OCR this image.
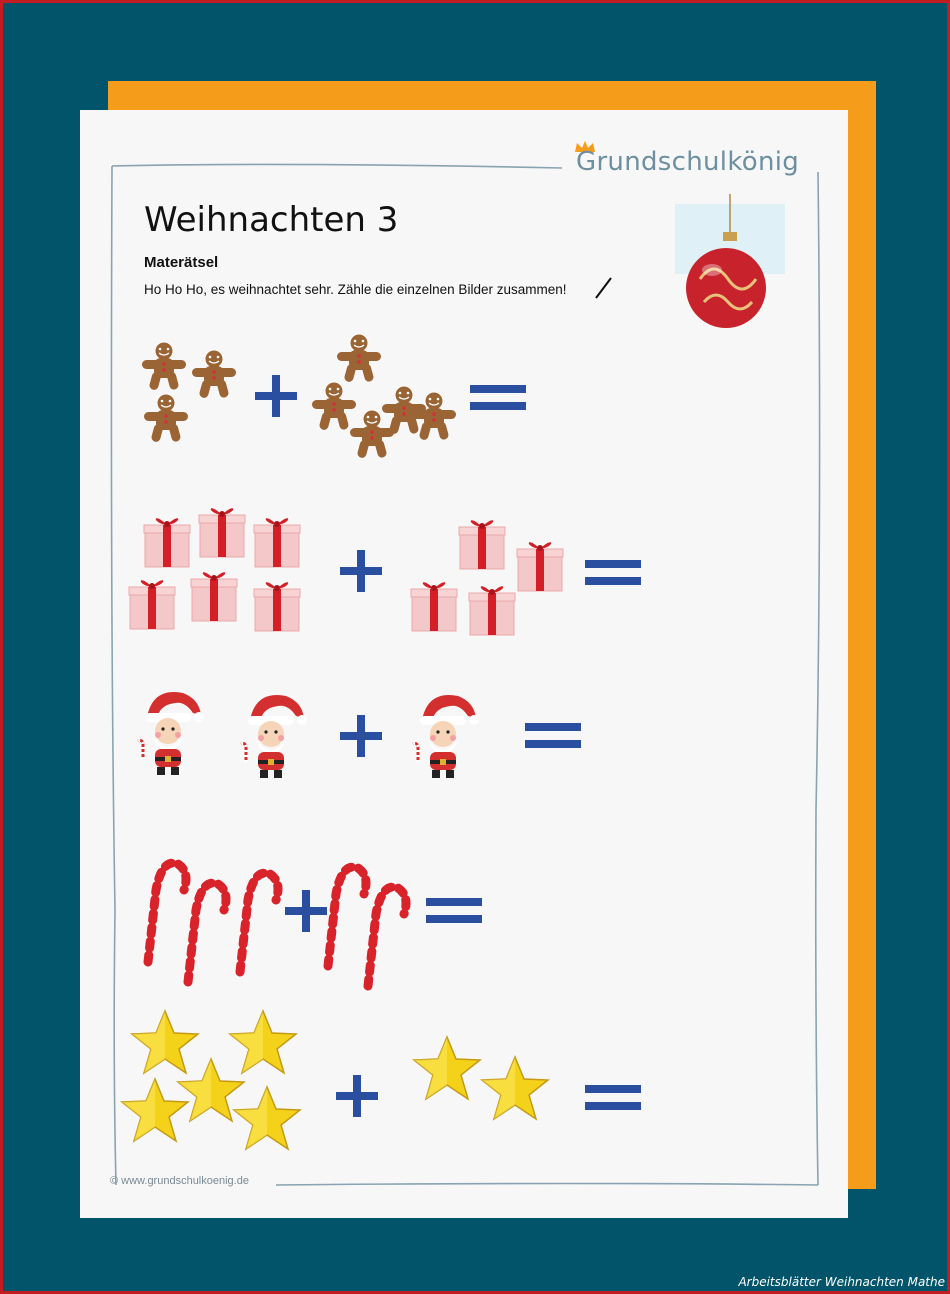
Grundschulkönig
Weihnachten 3
Materätsel
Ho Ho Ho, es weihnachtet sehr. Zähle die einzelnen Bilder zusammen!
© www.grundschulkoenig.de
Arbeitsblätter Weihnachten Mathe
